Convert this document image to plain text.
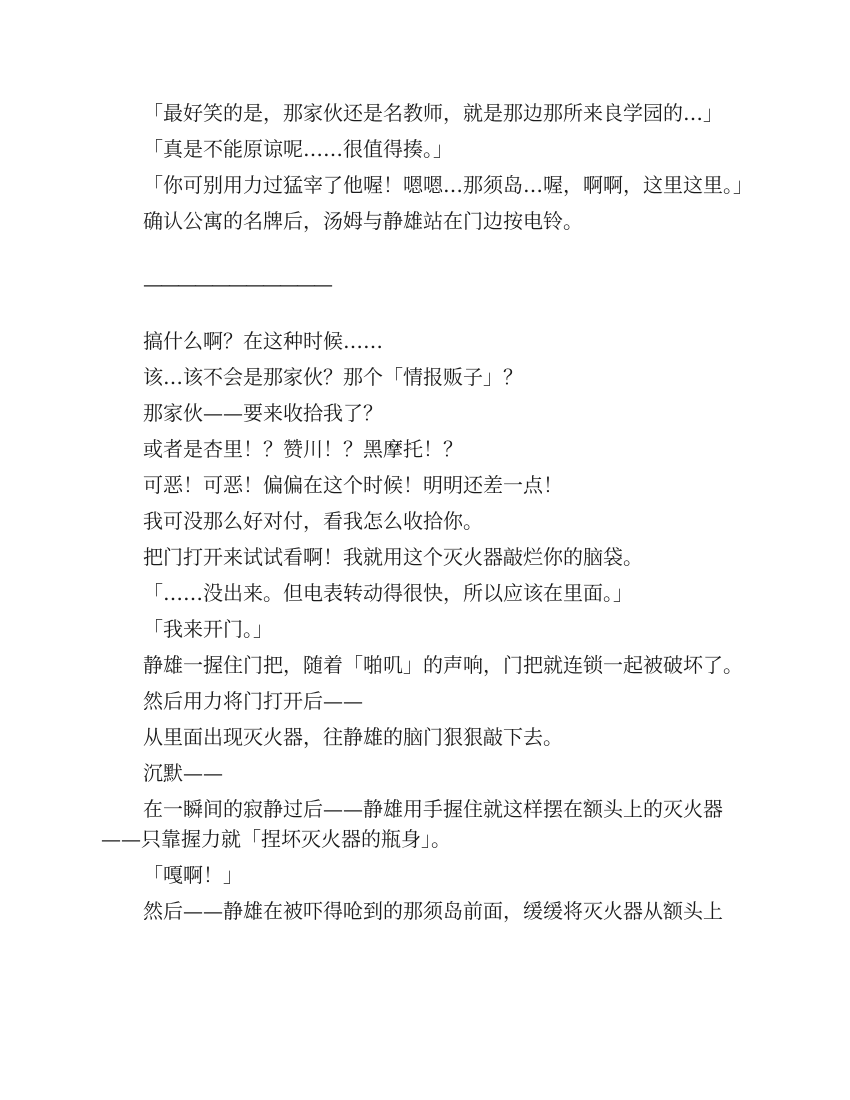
「最好笑的是，那家伙还是名教师，就是那边那所来良学园的…」

「真是不能原谅呢……很值得揍。」

「你可别用力过猛宰了他喔！嗯嗯…那须岛…喔，啊啊，这里这里。」

确认公寓的名牌后，汤姆与静雄站在门边按电铃。

———————————

搞什么啊？在这种时候……

该…该不会是那家伙？那个「情报贩子」？

那家伙——要来收拾我了？

或者是杏里！？赞川！？黑摩托！？

可恶！可恶！偏偏在这个时候！明明还差一点！

我可没那么好对付，看我怎么收拾你。

把门打开来试试看啊！我就用这个灭火器敲烂你的脑袋。

「……没出来。但电表转动得很快，所以应该在里面。」

「我来开门。」

静雄一握住门把，随着「啪叽」的声响，门把就连锁一起被破坏了。

然后用力将门打开后——

从里面出现灭火器，往静雄的脑门狠狠敲下去。

沉默——

在一瞬间的寂静过后——静雄用手握住就这样摆在额头上的灭火器——只靠握力就「捏坏灭火器的瓶身」。

「嘎啊！」

然后——静雄在被吓得呛到的那须岛前面，缓缓将灭火器从额头上
